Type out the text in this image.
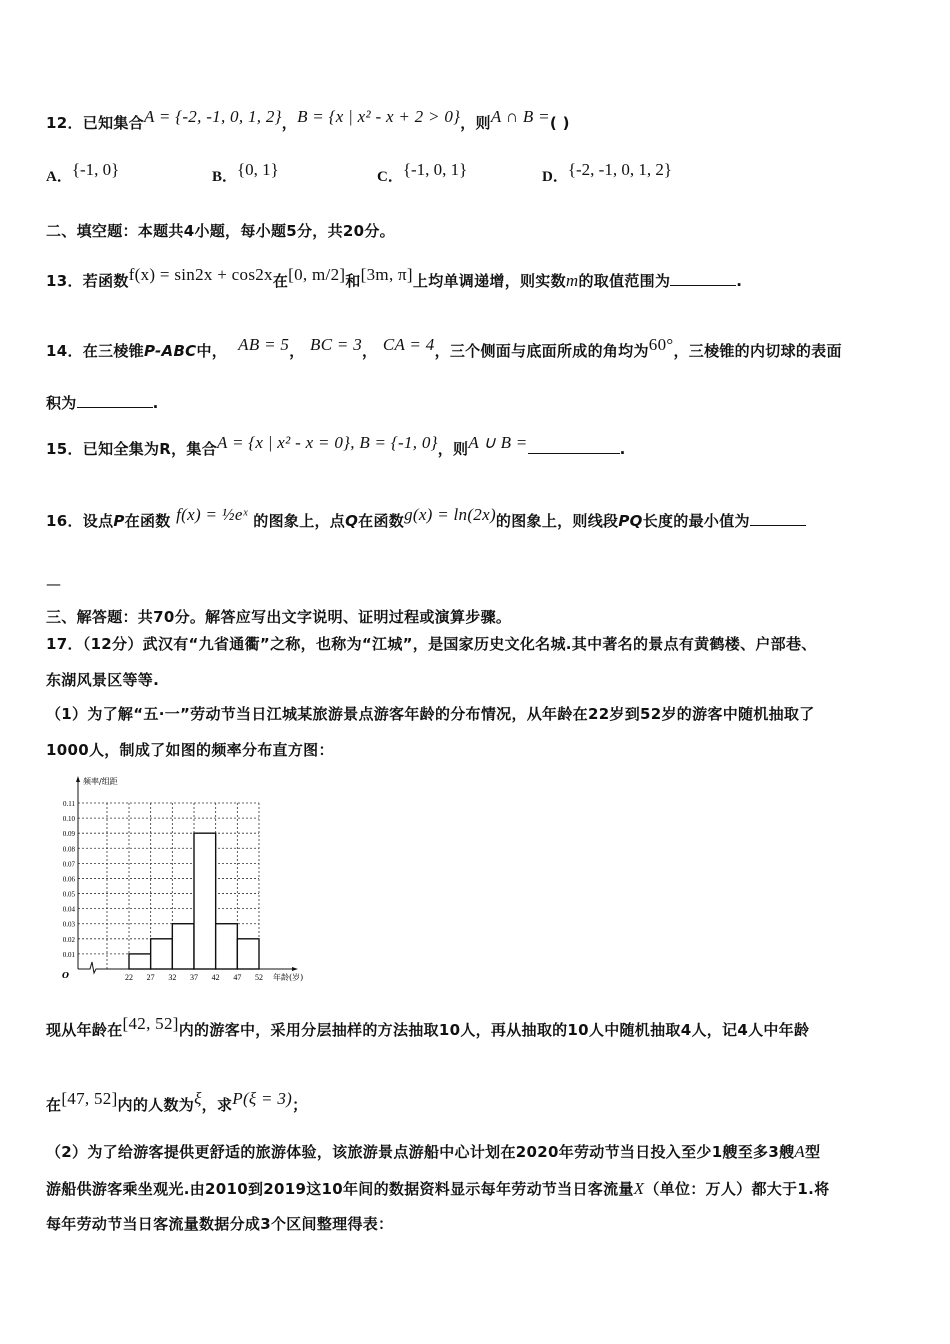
12．已知集合A = {-2, -1, 0, 1, 2}，B = {x | x² - x + 2 > 0}，则A ∩ B =( )
A．{-1, 0}	B．{0, 1}	C．{-1, 0, 1}	D．{-2, -1, 0, 1, 2}
二、填空题：本题共4小题，每小题5分，共20分。
13．若函数f(x) = sin2x + cos2x在[0, m/2]和[3m, π]上均单调递增，则实数m的取值范围为	.
14．在三棱锥P-ABC中， AB = 5， BC = 3， CA = 4，三个侧面与底面所成的角均为60°，三棱锥的内切球的表面
积为	.
15．已知全集为R，集合A = {x | x² - x = 0}, B = {-1, 0}，则A ∪ B =	.
16．设点P在函数 f(x) = ½eˣ 的图象上，点Q在函数g(x) = ln(2x)的图象上，则线段PQ长度的最小值为
—
三、解答题：共70分。解答应写出文字说明、证明过程或演算步骤。
17．（12分）武汉有“九省通衢”之称，也称为“江城”，是国家历史文化名城.其中著名的景点有黄鹤楼、户部巷、
东湖风景区等等.
（1）为了解“五·一”劳动节当日江城某旅游景点游客年龄的分布情况，从年龄在22岁到52岁的游客中随机抽取了
1000人，制成了如图的频率分布直方图：
0.01
0.02
0.03
0.04
0.05
0.06
0.07
0.08
0.09
0.10
0.11
频率/组距
年龄(岁)
O	22 27 32 37 42 47 52
现从年龄在[42, 52]内的游客中，采用分层抽样的方法抽取10人，再从抽取的10人中随机抽取4人，记4人中年龄
在[47, 52]内的人数为ξ，求P(ξ = 3)；
（2）为了给游客提供更舒适的旅游体验，该旅游景点游船中心计划在2020年劳动节当日投入至少1艘至多3艘A型
游船供游客乘坐观光.由2010到2019这10年间的数据资料显示每年劳动节当日客流量X（单位：万人）都大于1.将
每年劳动节当日客流量数据分成3个区间整理得表：
